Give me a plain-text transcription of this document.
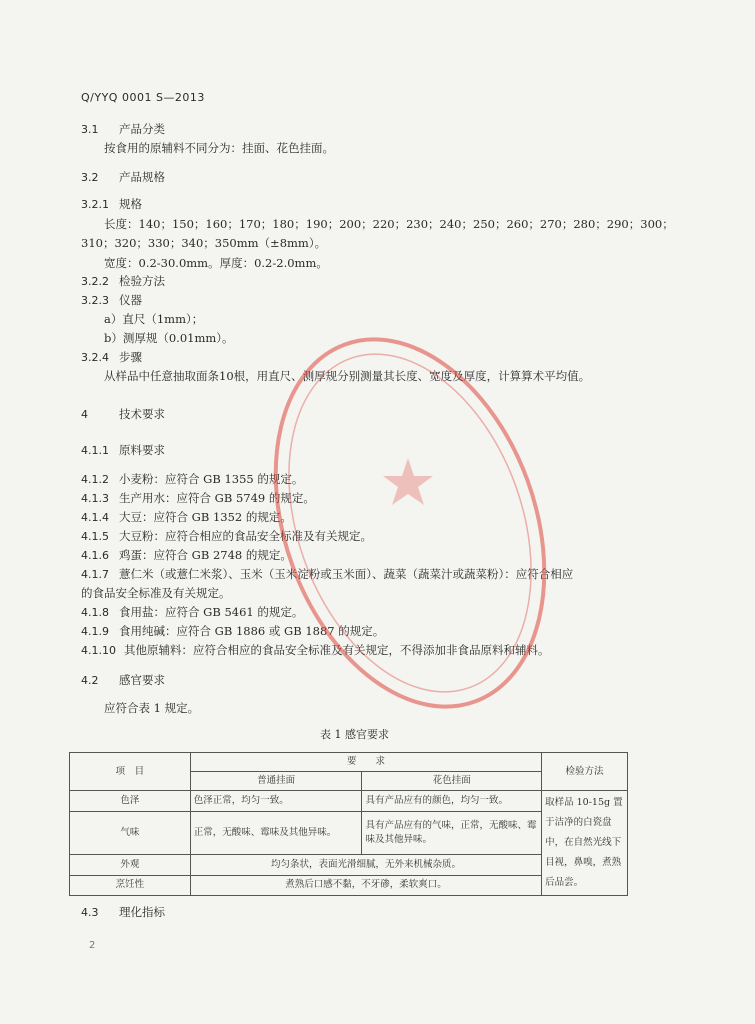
Q/YYQ 0001 S—2013
3.1 产品分类
按食用的原辅料不同分为：挂面、花色挂面。
3.2 产品规格
3.2.1 规格
长度：140；150；160；170；180；190；200；220；230；240；250；260；270；280；290；300；
310；320；330；340；350mm（±8mm）。
宽度：0.2-30.0mm。厚度：0.2-2.0mm。
3.2.2 检验方法
3.2.3 仪器
a）直尺（1mm）；
b）测厚规（0.01mm）。
3.2.4 步骤
从样品中任意抽取面条10根，用直尺、测厚规分别测量其长度、宽度及厚度，计算算术平均值。
4	技术要求
4.1.1 原料要求
4.1.2 小麦粉：应符合 GB 1355 的规定。
4.1.3 生产用水：应符合 GB 5749 的规定。
4.1.4 大豆：应符合 GB 1352 的规定。
4.1.5 大豆粉：应符合相应的食品安全标准及有关规定。
4.1.6 鸡蛋：应符合 GB 2748 的规定。
4.1.7 薏仁米（或薏仁米浆）、玉米（玉米淀粉或玉米面）、蔬菜（蔬菜汁或蔬菜粉）：应符合相应
的食品安全标准及有关规定。
4.1.8 食用盐：应符合 GB 5461 的规定。
4.1.9 食用纯碱：应符合 GB 1886 或 GB 1887 的规定。
4.1.10 其他原辅料：应符合相应的食品安全标准及有关规定，不得添加非食品原料和辅料。
4.2 感官要求
应符合表 1 规定。
表 1 感官要求
项　目	要　　求		检验方法
	普通挂面	花色挂面	
色泽	色泽正常，均匀一致。	具有产品应有的颜色，均匀一致。	取样品 10-15g 置于洁净的白瓷盘中，在自然光线下目视，鼻嗅，煮熟后品尝。
气味	正常，无酸味、霉味及其他异味。	具有产品应有的气味，正常，无酸味、霉味及其他异味。	
外观	均匀条状，表面光滑细腻，无外来机械杂质。		
烹饪性	煮熟后口感不黏，不牙碜，柔软爽口。		
4.3 理化指标
2
